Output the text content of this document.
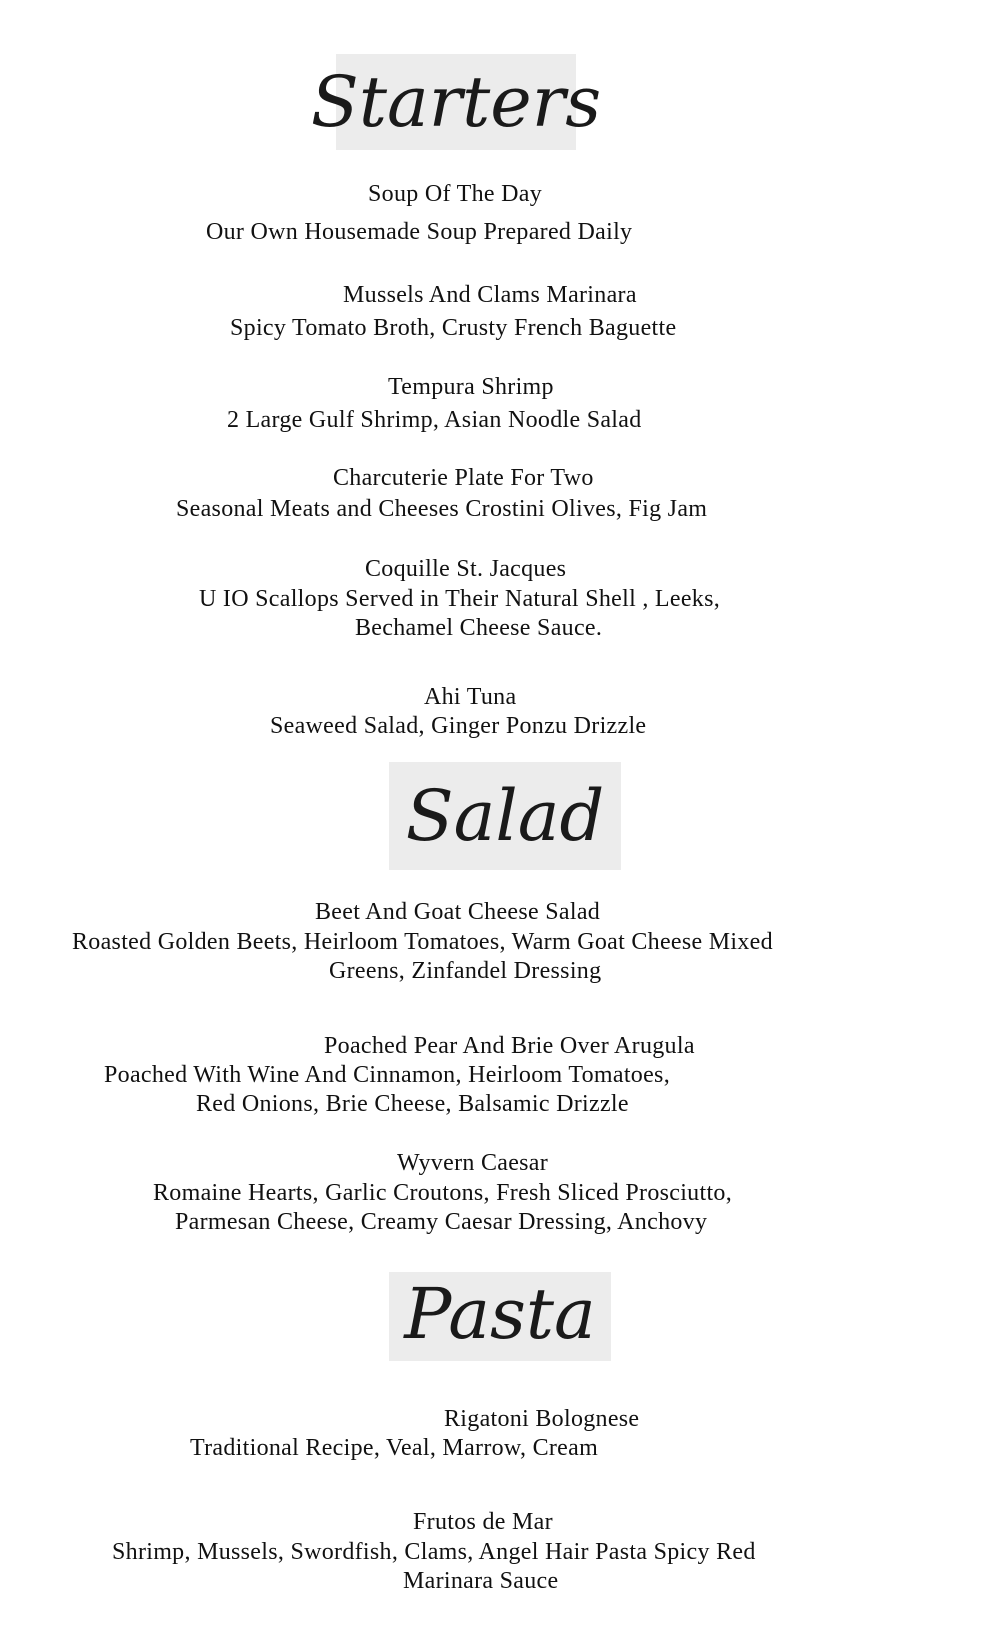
Starters
Soup Of The Day
Our Own Housemade Soup Prepared Daily
Mussels And Clams Marinara
Spicy Tomato Broth, Crusty French Baguette
Tempura Shrimp
2 Large Gulf Shrimp, Asian Noodle Salad
Charcuterie Plate For Two
Seasonal Meats and Cheeses Crostini Olives, Fig Jam
Coquille St. Jacques
U IO Scallops Served in Their Natural Shell , Leeks,
Bechamel Cheese Sauce.
Ahi Tuna
Seaweed Salad, Ginger Ponzu Drizzle
Salad
Beet And Goat Cheese Salad
Roasted Golden Beets, Heirloom Tomatoes, Warm Goat Cheese Mixed
Greens, Zinfandel Dressing
Poached Pear And Brie Over Arugula
Poached With Wine And Cinnamon, Heirloom Tomatoes,
Red Onions, Brie Cheese, Balsamic Drizzle
Wyvern Caesar
Romaine Hearts, Garlic Croutons, Fresh Sliced Prosciutto,
Parmesan Cheese, Creamy Caesar Dressing, Anchovy
Pasta
Rigatoni Bolognese
Traditional Recipe, Veal, Marrow, Cream
Frutos de Mar
Shrimp, Mussels, Swordfish, Clams, Angel Hair Pasta Spicy Red
Marinara Sauce
